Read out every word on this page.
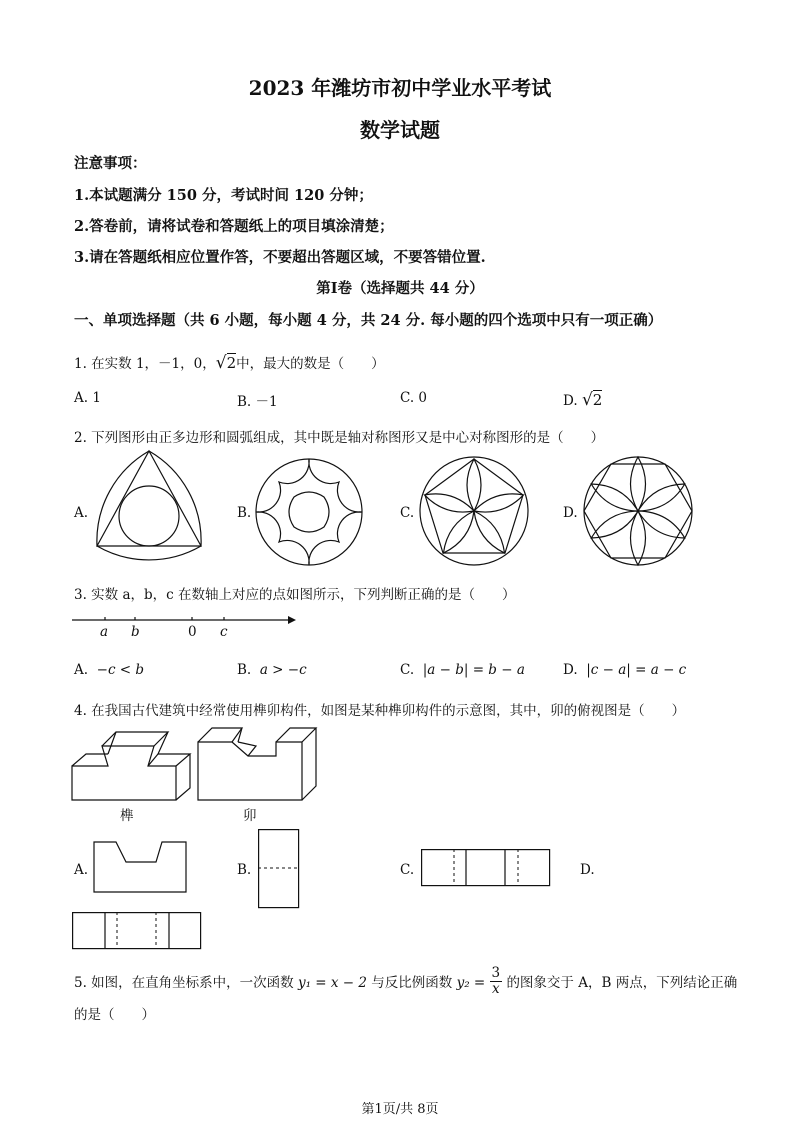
2023 年潍坊市初中学业水平考试
数学试题
注意事项：
1.本试题满分 150 分，考试时间 120 分钟；
2.答卷前，请将试卷和答题纸上的项目填涂清楚；
3.请在答题纸相应位置作答，不要超出答题区域，不要答错位置.
第Ⅰ卷（选择题共 44 分）
一、单项选择题（共 6 小题，每小题 4 分，共 24 分. 每小题的四个选项中只有一项正确）
1. 在实数 1，－1，0，√2中，最大的数是（　　）
A. 1	B. －1	C. 0	D. √2
2. 下列图形由正多边形和圆弧组成，其中既是轴对称图形又是中心对称图形的是（　　）
A.	B.	C.	D.
3. 实数 a，b，c 在数轴上对应的点如图所示，下列判断正确的是（　　）
a b	0 c
A. −c < b	B. a > −c	C. |a − b| = b − a	D. |c − a| = a − c
4. 在我国古代建筑中经常使用榫卯构件，如图是某种榫卯构件的示意图，其中，卯的俯视图是（　　）
榫	卯
A.	B.	C.	D.
5. 如图，在直角坐标系中，一次函数 y₁ = x − 2 与反比例函数 $y_2 = \frac{3}{x}$ 的图象交于 A，B 两点，下列结论正确
的是（　　）
第1页/共 8页
